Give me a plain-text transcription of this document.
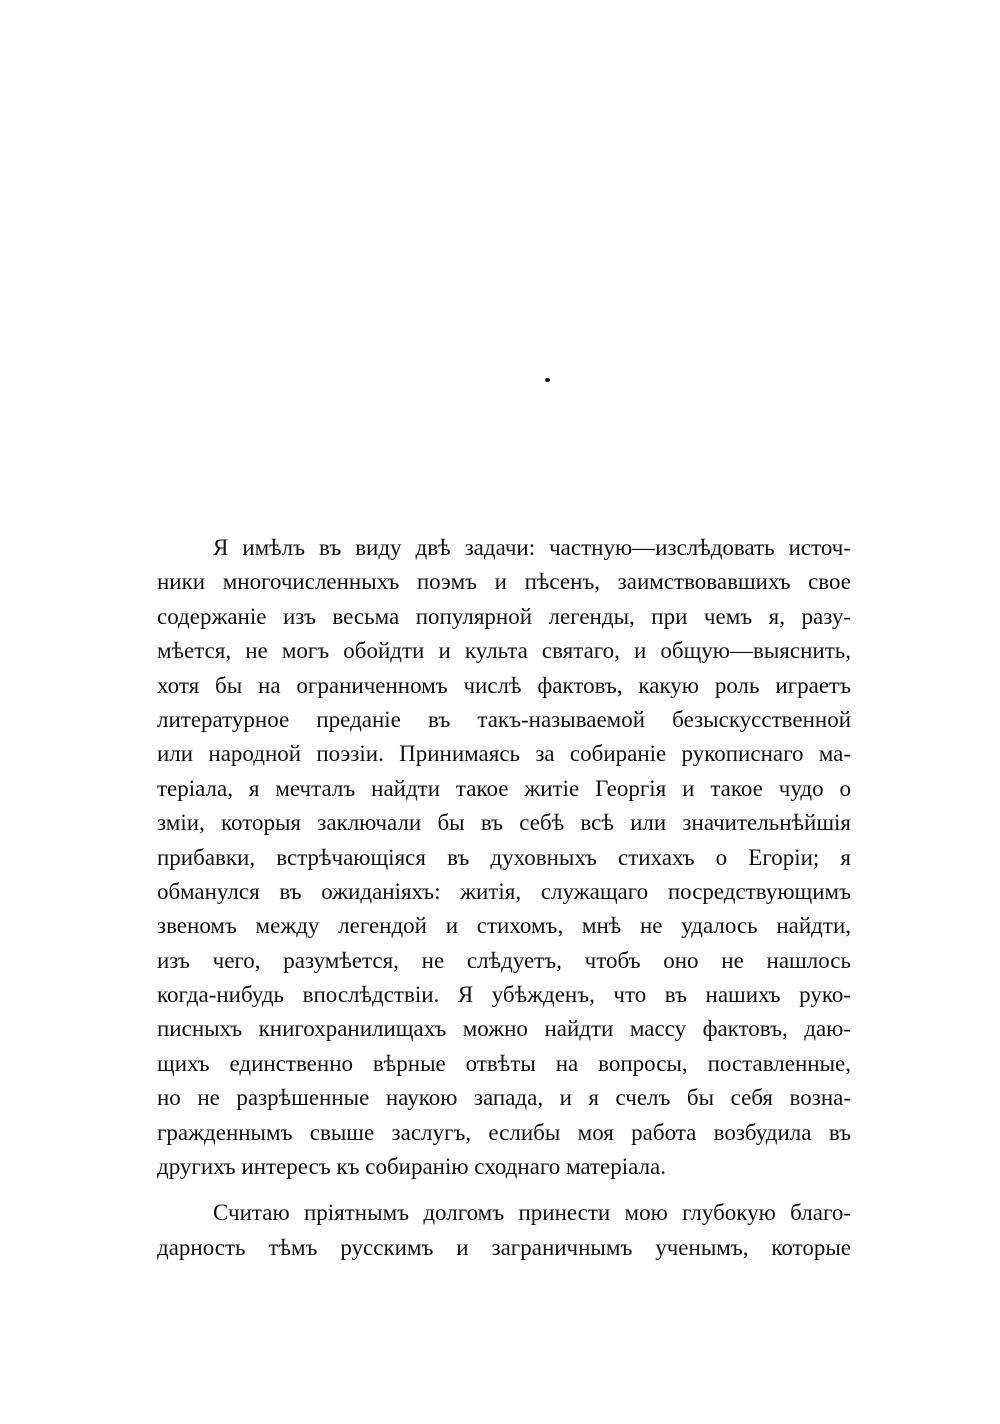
Я имѣлъ въ виду двѣ задачи: частную—изслѣдовать источ-
ники многочисленныхъ поэмъ и пѣсенъ, заимствовавшихъ свое
содержаніе изъ весьма популярной легенды, при чемъ я, разу-
мѣется, не могъ обойдти и культа святаго, и общую—выяснить,
хотя бы на ограниченномъ числѣ фактовъ, какую роль играетъ
литературное преданіе въ такъ-называемой безыскусственной
или народной поэзіи. Принимаясь за собираніе рукописнаго ма-
теріала, я мечталъ найдти такое житіе Георгія и такое чудо о
зміи, которыя заключали бы въ себѣ всѣ или значительнѣйшія
прибавки, встрѣчающіяся въ духовныхъ стихахъ о Егоріи; я
обманулся въ ожиданіяхъ: житія, служащаго посредствующимъ
звеномъ между легендой и стихомъ, мнѣ не удалось найдти,
изъ чего, разумѣется, не слѣдуетъ, чтобъ оно не нашлось
когда-нибудь впослѣдствіи. Я убѣжденъ, что въ нашихъ руко-
писныхъ книгохранилищахъ можно найдти массу фактовъ, даю-
щихъ единственно вѣрные отвѣты на вопросы, поставленные,
но не разрѣшенные наукою запада, и я счелъ бы себя возна-
гражденнымъ свыше заслугъ, еслибы моя работа возбудила въ
другихъ интересъ къ собиранію сходнаго матеріала.
Считаю пріятнымъ долгомъ принести мою глубокую благо-
дарность тѣмъ русскимъ и заграничнымъ ученымъ, которые
